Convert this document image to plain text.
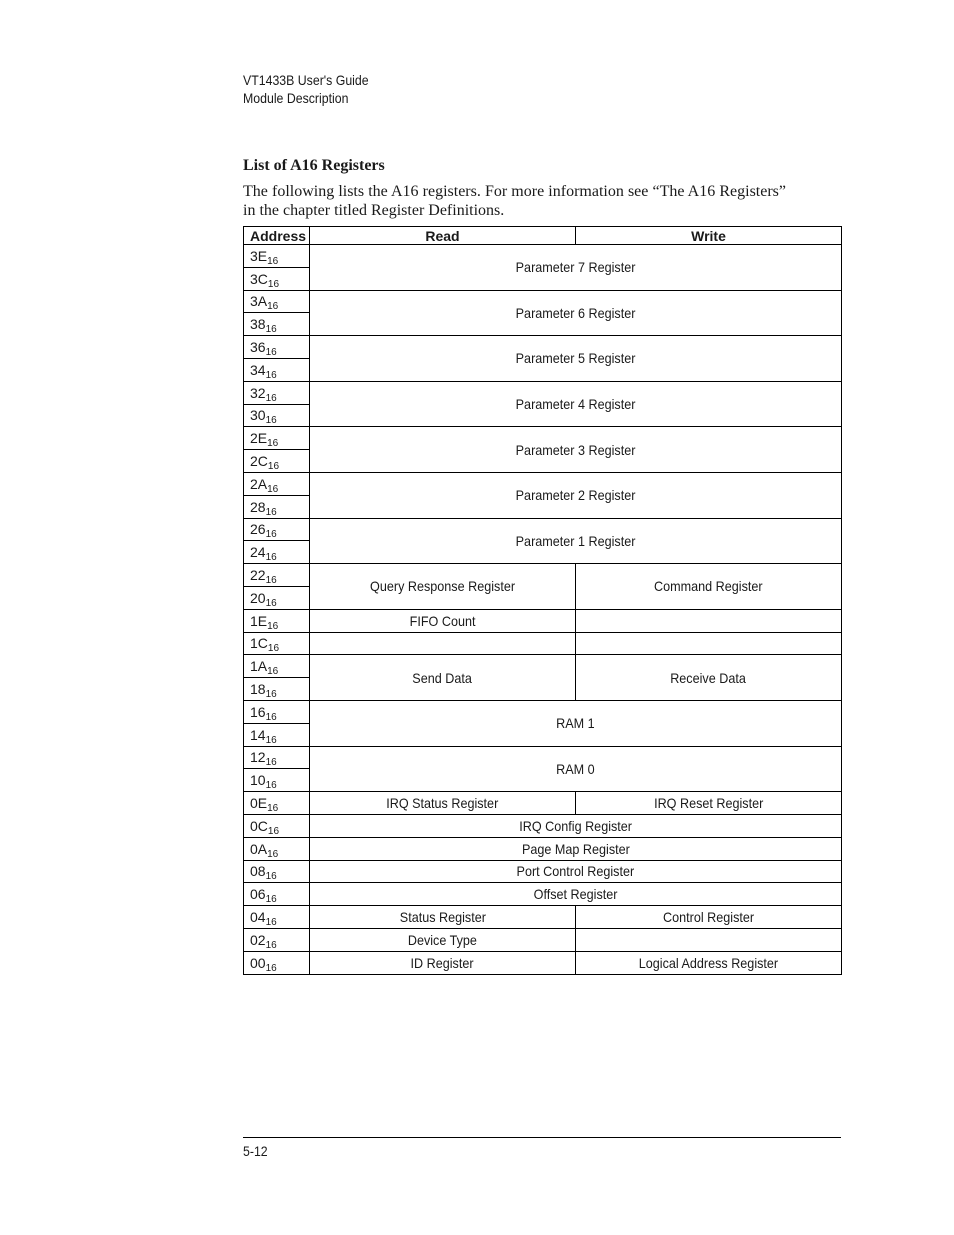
VT1433B User's Guide
Module Description
List of A16 Registers

The following lists the A16 registers. For more information see “The A16 Registers” in the chapter titled Register Definitions.

Address	Read	Write
$3E_{16}$	Parameter 7 Register	
$3C_{16}$
$3A_{16}$	Parameter 6 Register	
$38_{16}$
$36_{16}$	Parameter 5 Register	
$34_{16}$
$32_{16}$	Parameter 4 Register	
$30_{16}$
$2E_{16}$	Parameter 3 Register	
$2C_{16}$
$2A_{16}$	Parameter 2 Register	
$28_{16}$
$26_{16}$	Parameter 1 Register	
$24_{16}$
$22_{16}$	Query Response Register	Command Register
$20_{16}$
$1E_{16}$	FIFO Count	
$1C_{16}$		
$1A_{16}$	Send Data	Receive Data
$18_{16}$
$16_{16}$	RAM 1	
$14_{16}$
$12_{16}$	RAM 0	
$10_{16}$
$0E_{16}$	IRQ Status Register	IRQ Reset Register
$0C_{16}$	IRQ Config Register	
$0A_{16}$	Page Map Register	
$08_{16}$	Port Control Register	
$06_{16}$	Offset Register	
$04_{16}$	Status Register	Control Register
$02_{16}$	Device Type	
$00_{16}$	ID Register	Logical Address Register
5-12
